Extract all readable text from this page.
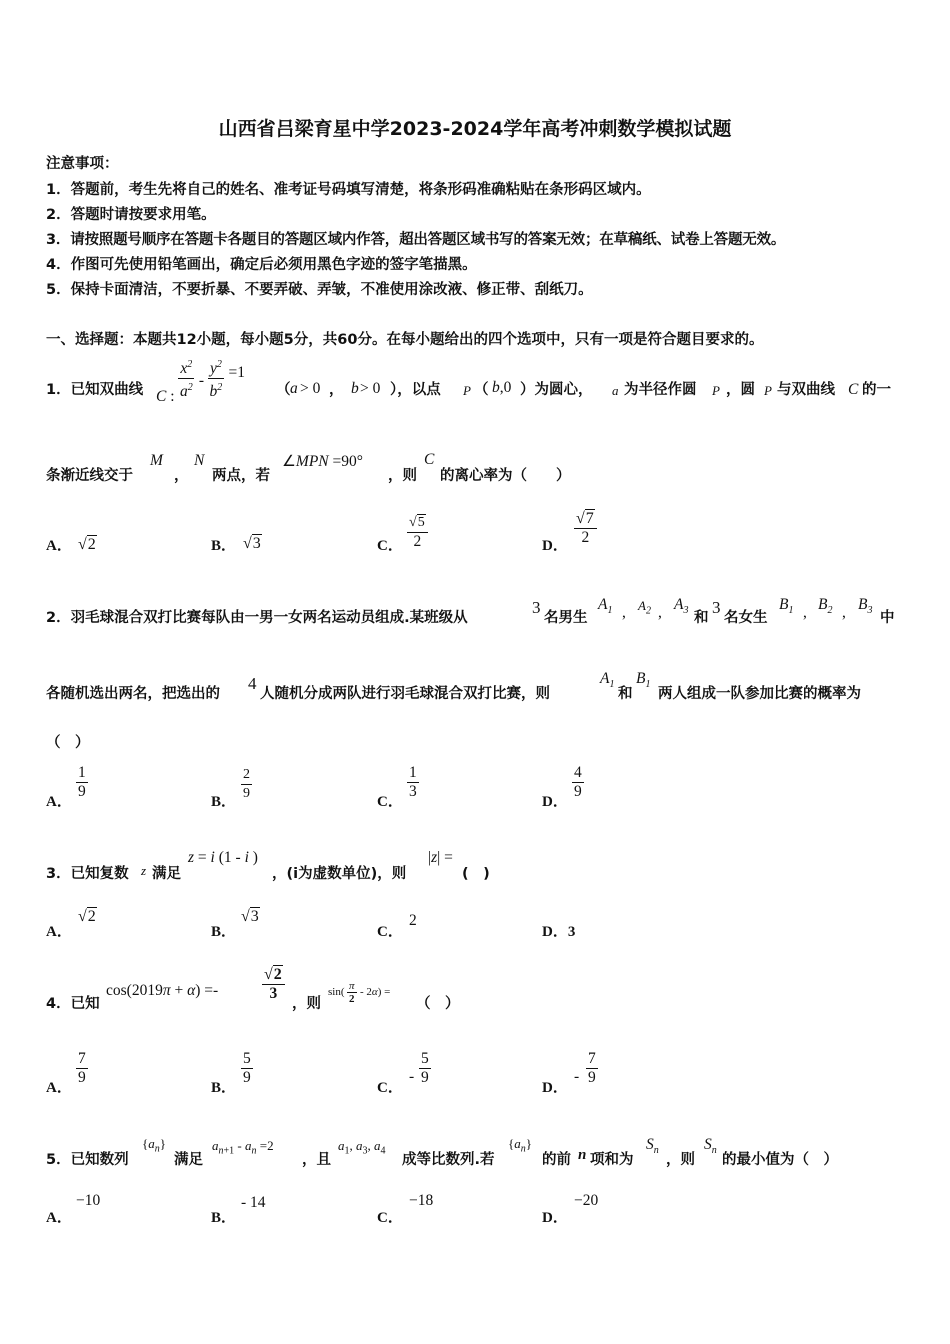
山西省吕梁育星中学2023-2024学年高考冲刺数学模拟试题
注意事项：
1．答题前，考生先将自己的姓名、准考证号码填写清楚，将条形码准确粘贴在条形码区域内。
2．答题时请按要求用笔。
3．请按照题号顺序在答题卡各题目的答题区域内作答，超出答题区域书写的答案无效；在草稿纸、试卷上答题无效。
4．作图可先使用铅笔画出，确定后必须用黑色字迹的签字笔描黑。
5．保持卡面清洁，不要折暴、不要弄破、弄皱，不准使用涂改液、修正带、刮纸刀。
一、选择题：本题共12小题，每小题5分，共60分。在每小题给出的四个选项中，只有一项是符合题目要求的。
1．已知双曲线 C : $\frac{x^2}{a^2} - \frac{y^2}{b^2} =1$
（ a > 0 ， b > 0 ），以点 P （ b,0 ）为圆心， a 为半径作圆 P ，圆 P 与双曲线 C 的一
条渐近线交于
M
，
N
两点，若
∠MPN =90°
，则
C
的离心率为（　　）
A． √2	B． √3	C． $\frac{√5}{2}$	D． $\frac{√7}{2}$
2．羽毛球混合双打比赛每队由一男一女两名运动员组成.某班级从
3
名男生
$A_1$ , $A_2$ , $A_3$ 和
3
名女生
$B_1$ , $B_2$ , $B_3$ 中
各随机选出两名，把选出的
4
人随机分成两队进行羽毛球混合双打比赛，则
$A_1$
和
$B_1$
两人组成一队参加比赛的概率为
（　）
A．
$\frac{1}{9}$
B． $\frac{2}{9}$	C．
$\frac{1}{3}$
D．
$\frac{4}{9}$
3．已知复数 z 满足
z = i (1 - i )
，(i为虚数单位)，则
|z| =
(　)
A．
√2
B．
√3
C．
2
D．3
4．已知
cos(2019π + α) =-	$\frac{√2}{3}$
，则
$\sin( \frac{\pi}{2} - 2\alpha)$ =
（　）
A．
$\frac{7}{9}$
B．
$\frac{5}{9}$
C．
- $\frac{5}{9}$
D．
- $\frac{7}{9}$
5．已知数列
$\{a_n\}$
满足
$a_{n+1} - a_n =2$
，且
$a_1$, $a_3$, $a_4$
成等比数列.若
$\{a_n\}$
的前 n 项和为
$S_n$
，则
$S_n$
的最小值为（　）
A．
−10
B．
- 14
C．
−18
D．
−20
